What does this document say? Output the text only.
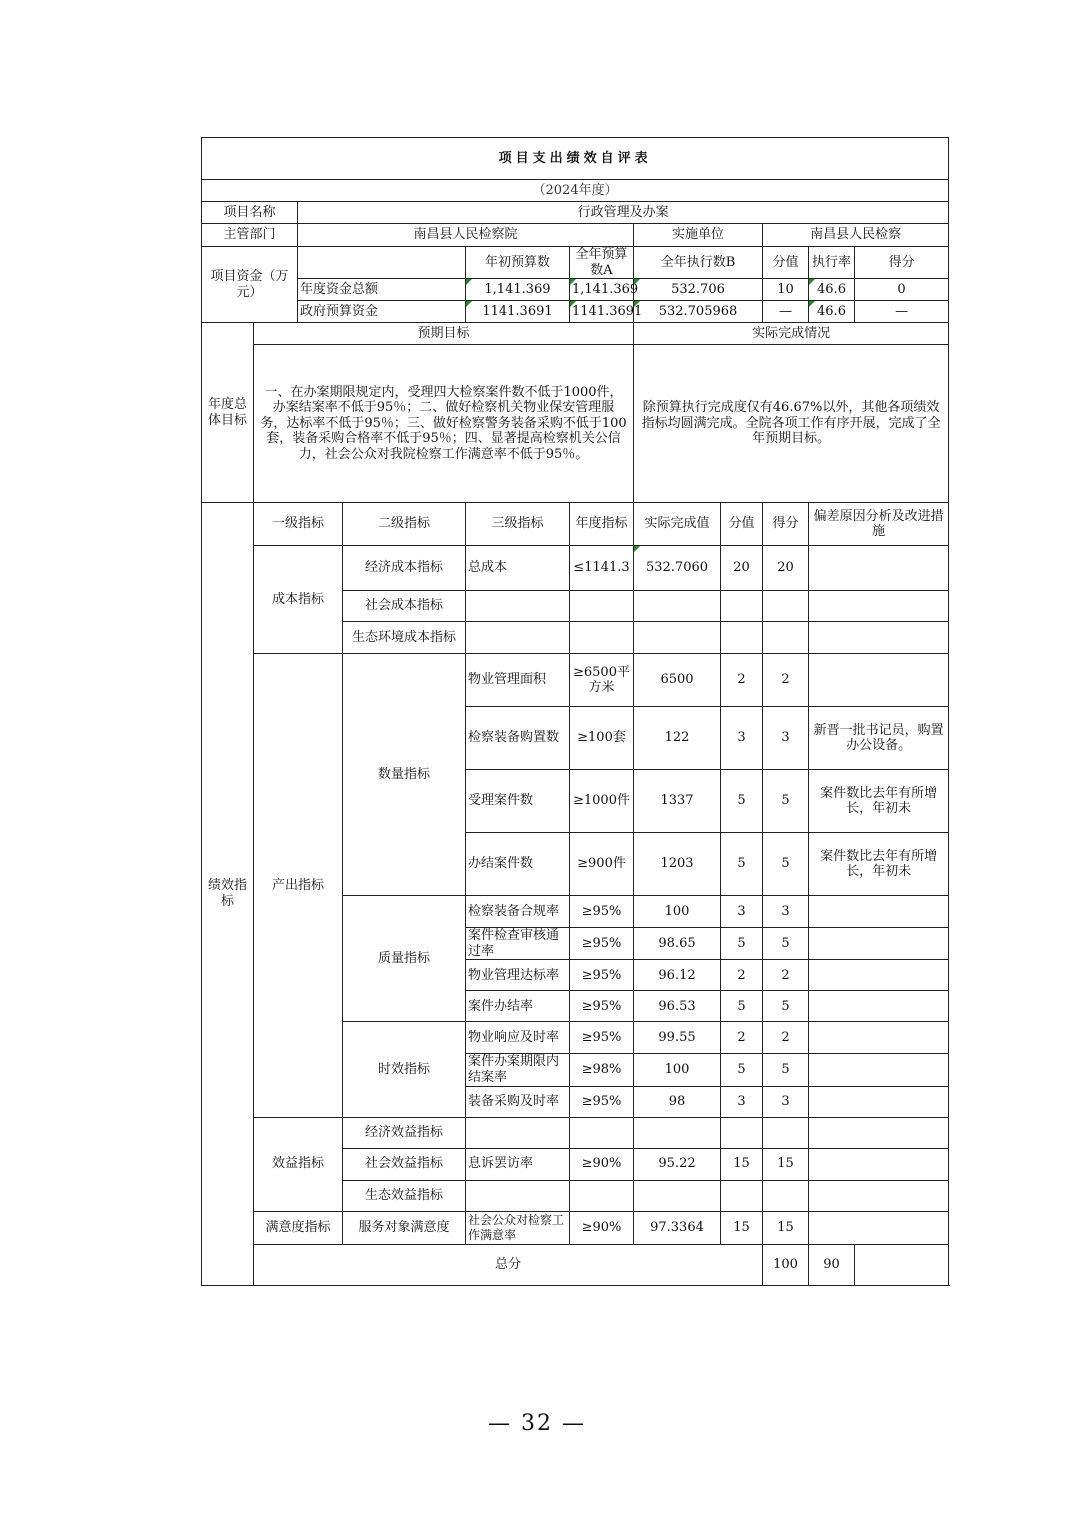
项目支出绩效自评表										
（2024年度）										
项目名称		行政管理及办案								
主管部门		南昌县人民检察院				实施单位		南昌县人民检察		
项目资金（万元）				年初预算数	全年预算数A	全年执行数B		分值	执行率	得分
		年度资金总额		1,141.369	1,141.369	532.706		10	46.6	0
		政府预算资金		1141.3691	1141.3691	532.705968		—	46.6	—
年度总体目标	预期目标					实际完成情况				
	一、在办案期限规定内，受理四大检察案件数不低于1000件，办案结案率不低于95％；二、做好检察机关物业保安管理服务，达标率不低于95％；三、做好检察警务装备采购不低于100套，装备采购合格率不低于95％；四、显著提高检察机关公信力，社会公众对我院检察工作满意率不低于95％。					除预算执行完成度仅有46.67%以外，其他各项绩效指标均圆满完成。全院各项工作有序开展，完成了全年预期目标。				
绩效指标	一级指标		二级指标	三级指标	年度指标	实际完成值	分值	得分	偏差原因分析及改进措施	
	成本指标		经济成本指标	总成本	≤1141.3	532.7060	20	20		
			社会成本指标							
			生态环境成本指标							
	产出指标		数量指标	物业管理面积	≥6500平方米	6500	2	2		
				检察装备购置数	≥100套	122	3	3	新晋一批书记员，购置办公设备。	
				受理案件数	≥1000件	1337	5	5	案件数比去年有所增长，年初未	
				办结案件数	≥900件	1203	5	5	案件数比去年有所增长，年初未	
			质量指标	检察装备合规率	≥95%	100	3	3		
				案件检查审核通过率	≥95%	98.65	5	5		
				物业管理达标率	≥95%	96.12	2	2		
				案件办结率	≥95%	96.53	5	5		
			时效指标	物业响应及时率	≥95%	99.55	2	2		
				案件办案期限内结案率	≥98%	100	5	5		
				装备采购及时率	≥95%	98	3	3		
	效益指标		经济效益指标							
			社会效益指标	息诉罢访率	≥90%	95.22	15	15		
			生态效益指标							
	满意度指标		服务对象满意度	社会公众对检察工作满意率	≥90%	97.3364	15	15		
	总分							100	90	
— 32 —
